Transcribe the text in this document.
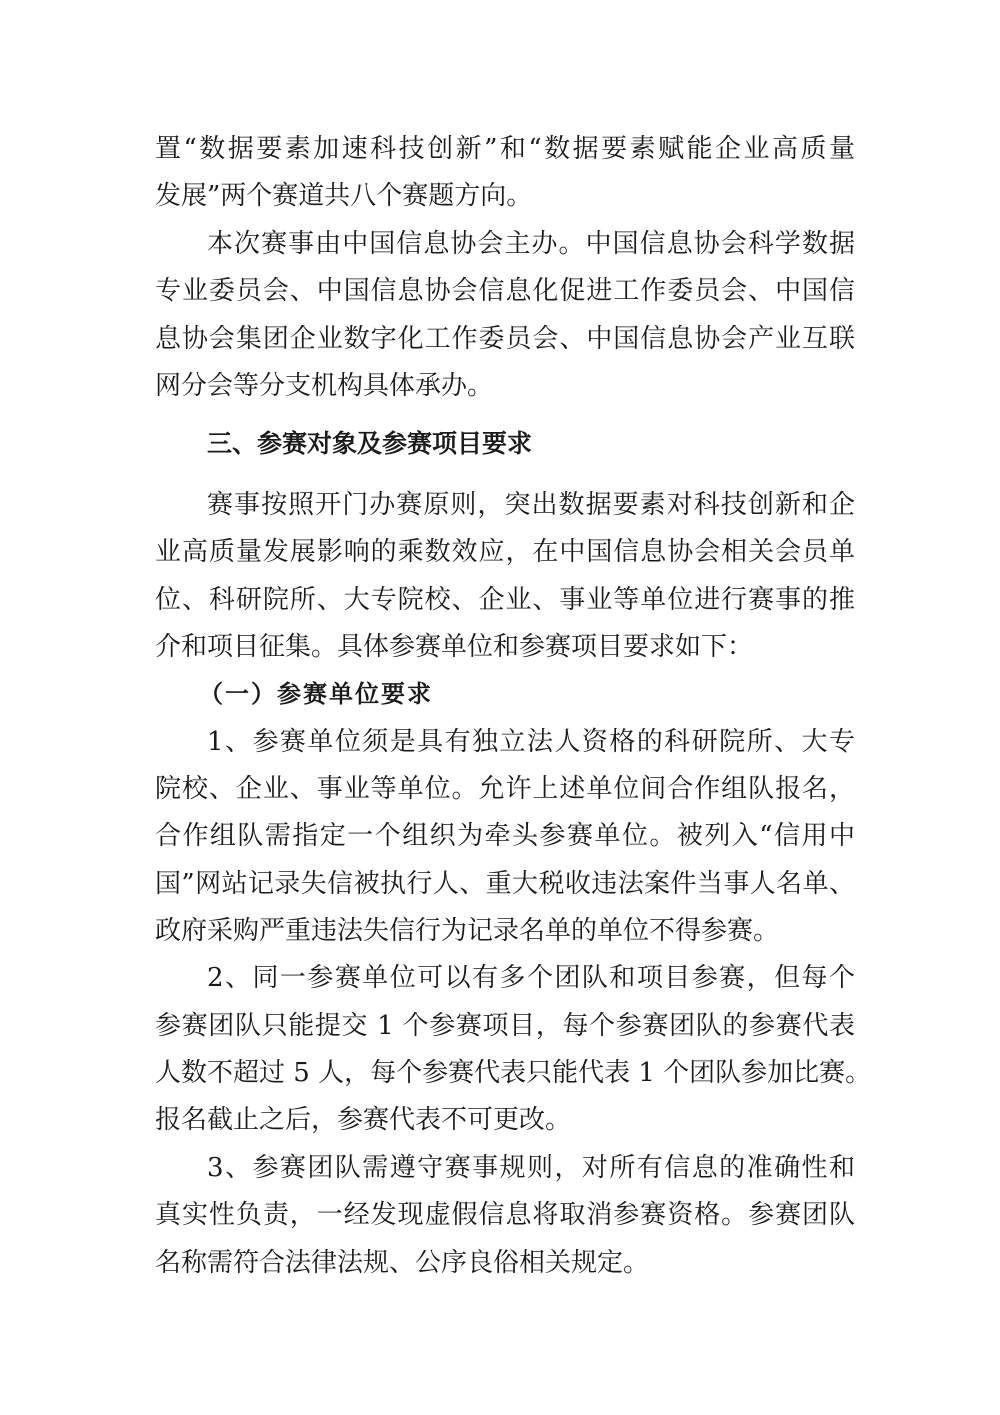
置“数据要素加速科技创新”和“数据要素赋能企业高质量
发展”两个赛道共八个赛题方向。
本次赛事由中国信息协会主办。中国信息协会科学数据
专业委员会、中国信息协会信息化促进工作委员会、中国信
息协会集团企业数字化工作委员会、中国信息协会产业互联
网分会等分支机构具体承办。
三、参赛对象及参赛项目要求
赛事按照开门办赛原则，突出数据要素对科技创新和企
业高质量发展影响的乘数效应，在中国信息协会相关会员单
位、科研院所、大专院校、企业、事业等单位进行赛事的推
介和项目征集。具体参赛单位和参赛项目要求如下：
（一）参赛单位要求
1、参赛单位须是具有独立法人资格的科研院所、大专
院校、企业、事业等单位。允许上述单位间合作组队报名，
合作组队需指定一个组织为牵头参赛单位。被列入“信用中
国”网站记录失信被执行人、重大税收违法案件当事人名单、
政府采购严重违法失信行为记录名单的单位不得参赛。
2、同一参赛单位可以有多个团队和项目参赛，但每个
参赛团队只能提交 1 个参赛项目，每个参赛团队的参赛代表
人数不超过 5 人，每个参赛代表只能代表 1 个团队参加比赛。
报名截止之后，参赛代表不可更改。
3、参赛团队需遵守赛事规则，对所有信息的准确性和
真实性负责，一经发现虚假信息将取消参赛资格。参赛团队
名称需符合法律法规、公序良俗相关规定。
